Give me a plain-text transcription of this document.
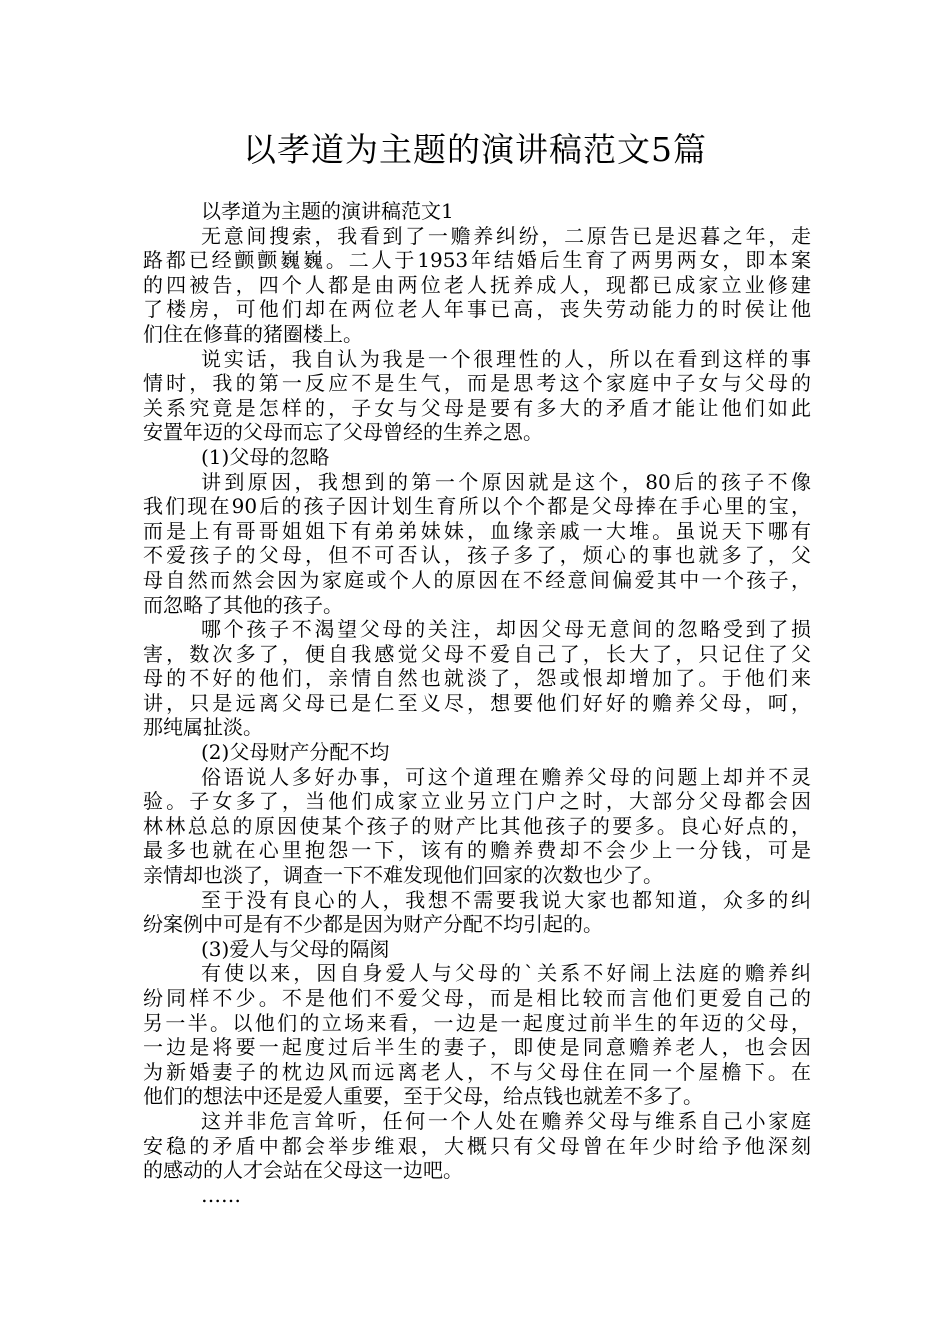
以孝道为主题的演讲稿范文5篇
以孝道为主题的演讲稿范文1
无意间搜索，我看到了一赡养纠纷，二原告已是迟暮之年，走
路都已经颤颤巍巍。二人于1953年结婚后生育了两男两女，即本案
的四被告，四个人都是由两位老人抚养成人，现都已成家立业修建
了楼房，可他们却在两位老人年事已高，丧失劳动能力的时侯让他
们住在修葺的猪圈楼上。
说实话，我自认为我是一个很理性的人，所以在看到这样的事
情时，我的第一反应不是生气，而是思考这个家庭中子女与父母的
关系究竟是怎样的，子女与父母是要有多大的矛盾才能让他们如此
安置年迈的父母而忘了父母曾经的生养之恩。
(1)父母的忽略
讲到原因，我想到的第一个原因就是这个，80后的孩子不像
我们现在90后的孩子因计划生育所以个个都是父母捧在手心里的宝，
而是上有哥哥姐姐下有弟弟妹妹，血缘亲戚一大堆。虽说天下哪有
不爱孩子的父母，但不可否认，孩子多了，烦心的事也就多了，父
母自然而然会因为家庭或个人的原因在不经意间偏爱其中一个孩子，
而忽略了其他的孩子。
哪个孩子不渴望父母的关注，却因父母无意间的忽略受到了损
害，数次多了，便自我感觉父母不爱自己了，长大了，只记住了父
母的不好的他们，亲情自然也就淡了，怨或恨却增加了。于他们来
讲，只是远离父母已是仁至义尽，想要他们好好的赡养父母，呵，
那纯属扯淡。
(2)父母财产分配不均
俗语说人多好办事，可这个道理在赡养父母的问题上却并不灵
验。子女多了，当他们成家立业另立门户之时，大部分父母都会因
林林总总的原因使某个孩子的财产比其他孩子的要多。良心好点的，
最多也就在心里抱怨一下，该有的赡养费却不会少上一分钱，可是
亲情却也淡了，调查一下不难发现他们回家的次数也少了。
至于没有良心的人，我想不需要我说大家也都知道，众多的纠
纷案例中可是有不少都是因为财产分配不均引起的。
(3)爱人与父母的隔阂
有使以来，因自身爱人与父母的`关系不好闹上法庭的赡养纠
纷同样不少。不是他们不爱父母，而是相比较而言他们更爱自己的
另一半。以他们的立场来看，一边是一起度过前半生的年迈的父母，
一边是将要一起度过后半生的妻子，即使是同意赡养老人，也会因
为新婚妻子的枕边风而远离老人，不与父母住在同一个屋檐下。在
他们的想法中还是爱人重要，至于父母，给点钱也就差不多了。
这并非危言耸听，任何一个人处在赡养父母与维系自己小家庭
安稳的矛盾中都会举步维艰，大概只有父母曾在年少时给予他深刻
的感动的人才会站在父母这一边吧。
……
